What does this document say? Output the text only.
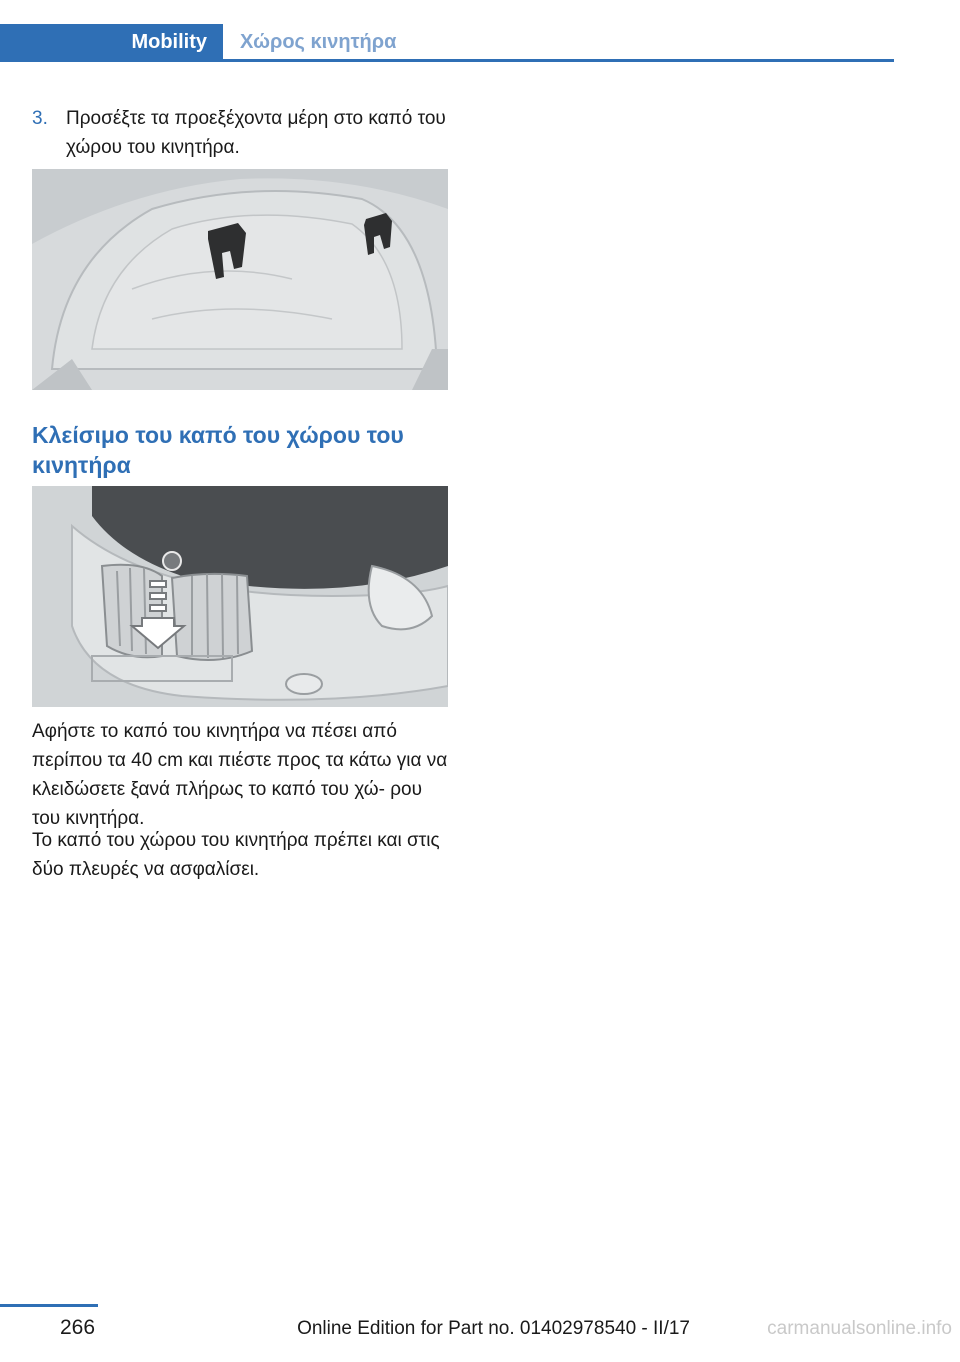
Mobility	Χώρος κινητήρα
3. Προσέξτε τα προεξέχοντα μέρη στο καπό του χώρου του κινητήρα.
Κλείσιμο του καπό του χώρου του κινητήρα
Αφήστε το καπό του κινητήρα να πέσει από περίπου τα 40 cm και πιέστε προς τα κάτω για να κλειδώσετε ξανά πλήρως το καπό του χώ‐ ρου του κινητήρα.
Το καπό του χώρου του κινητήρα πρέπει και στις δύο πλευρές να ασφαλίσει.
266	Online Edition for Part no. 01402978540 - II/17	carmanualsonline.info
